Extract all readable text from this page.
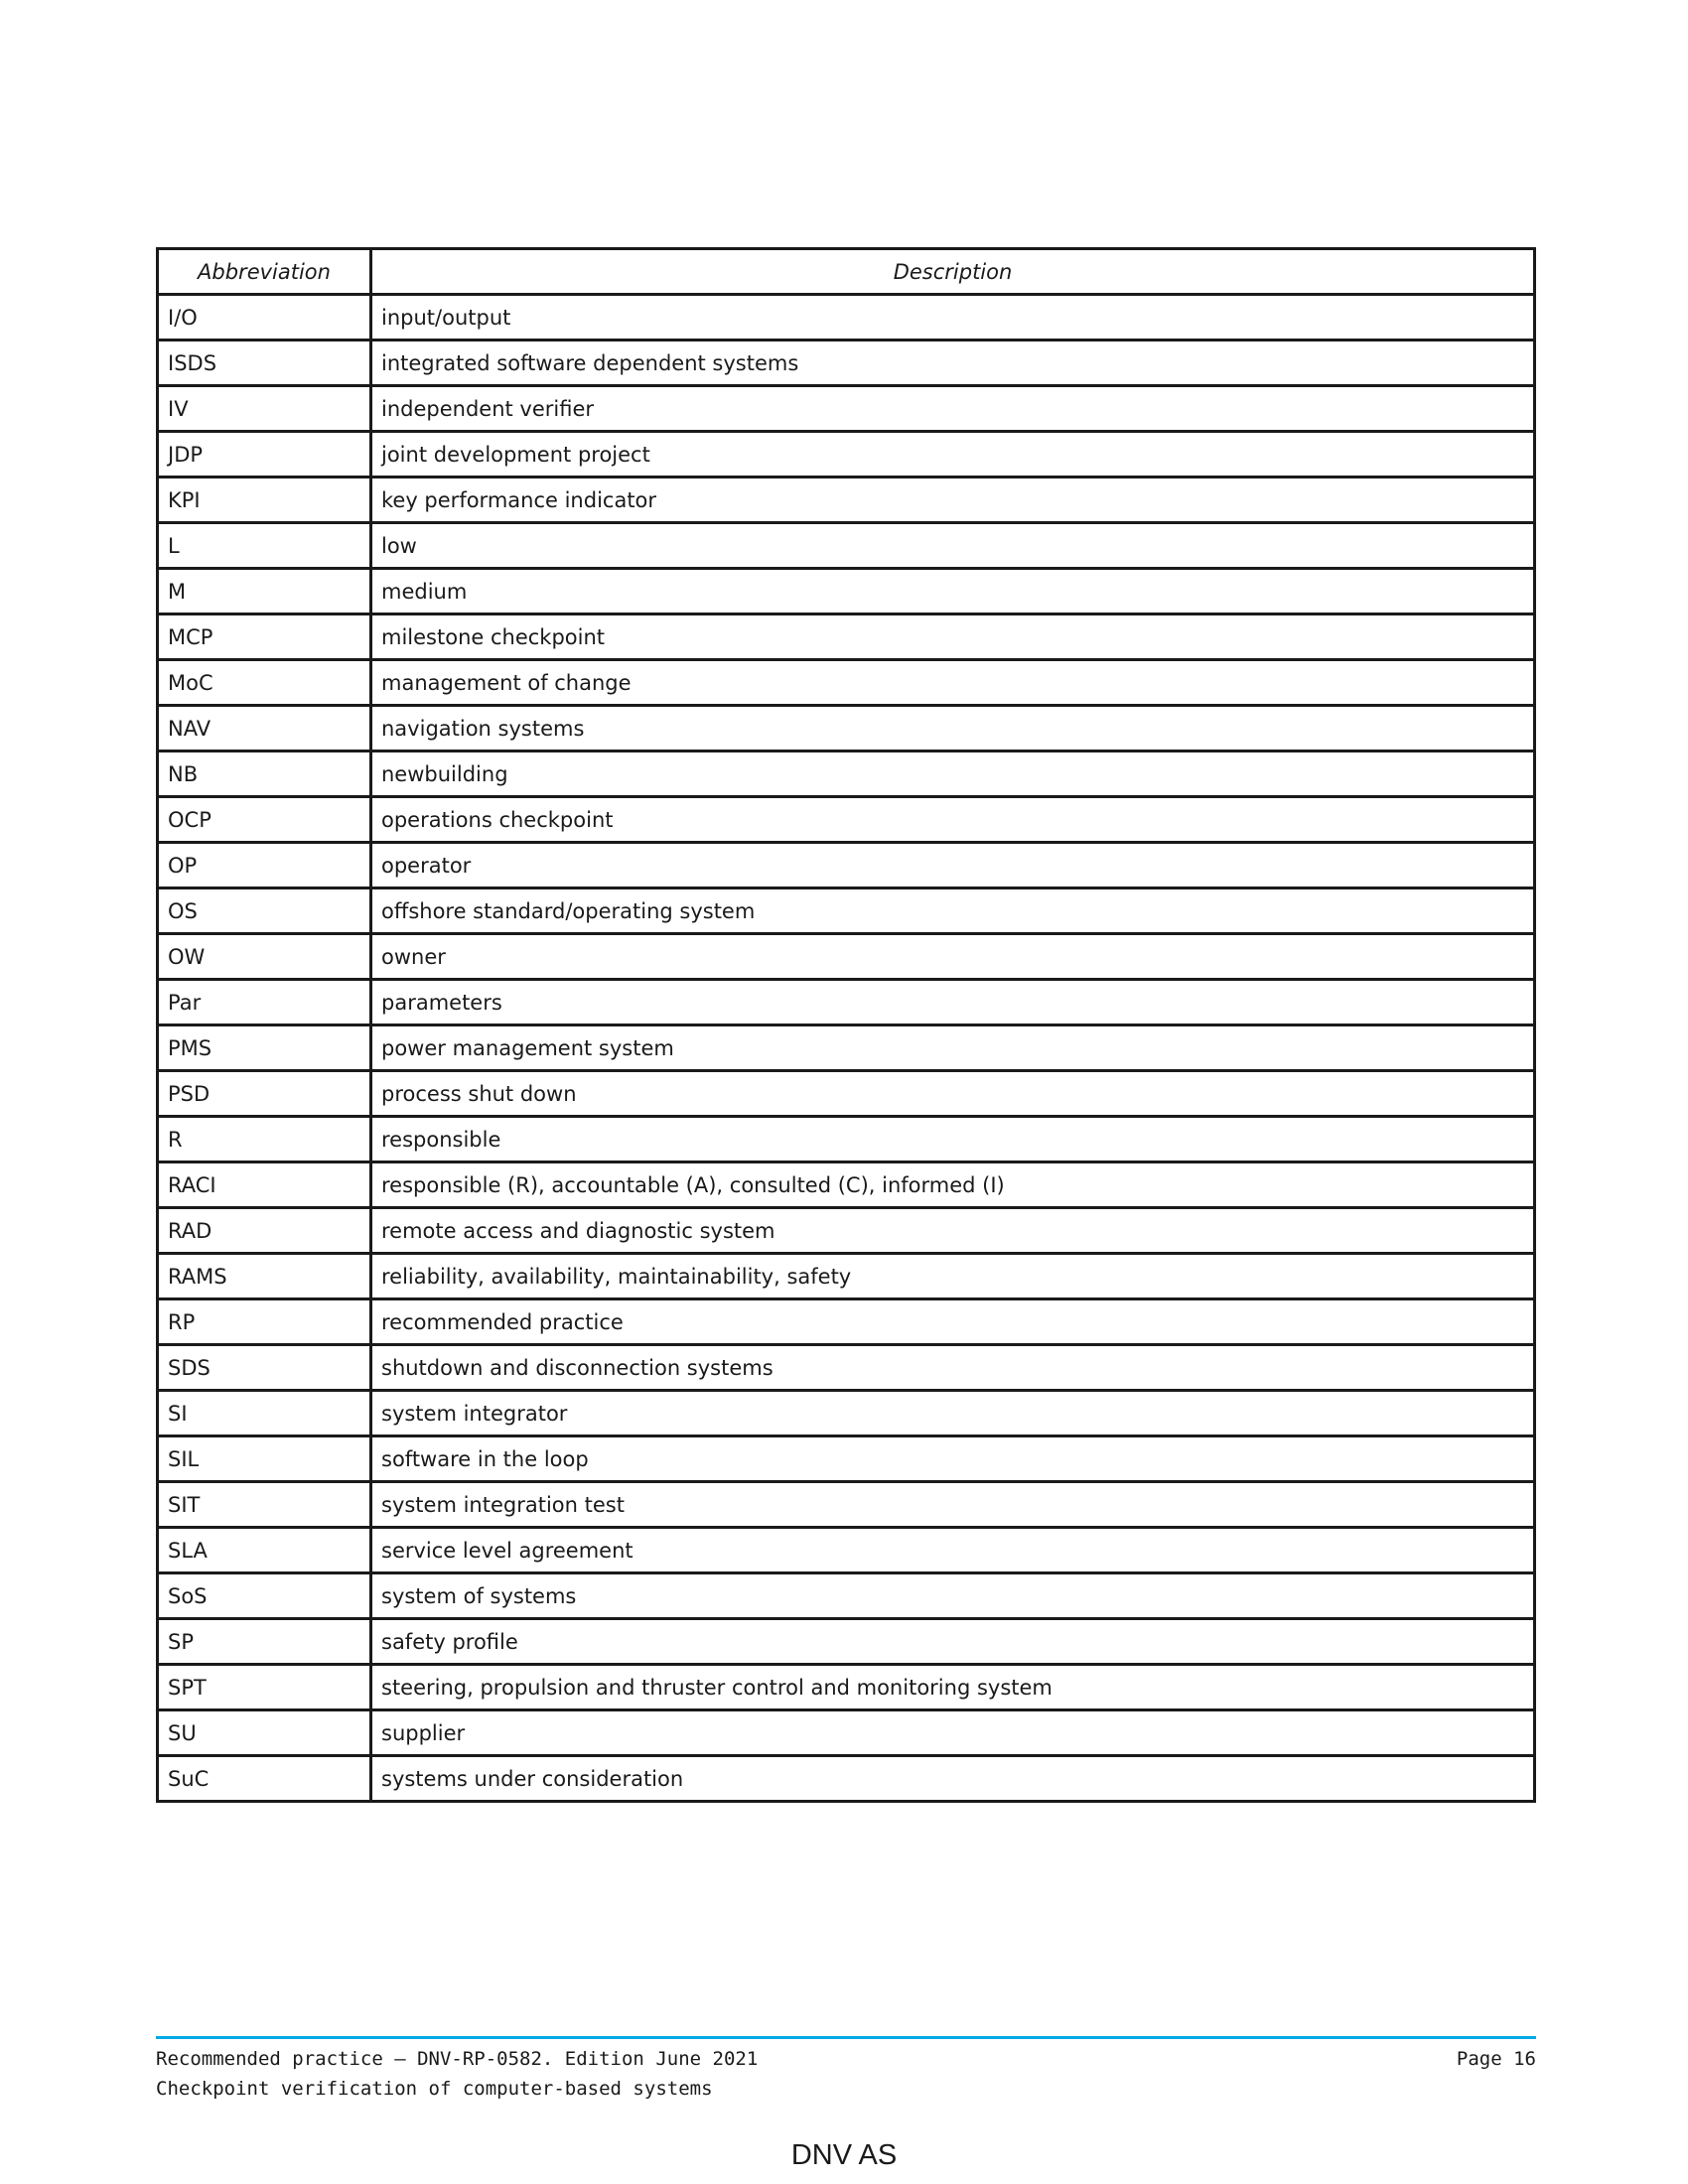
Abbreviation	Description
I/O	input/output
ISDS	integrated software dependent systems
IV	independent verifier
JDP	joint development project
KPI	key performance indicator
L	low
M	medium
MCP	milestone checkpoint
MoC	management of change
NAV	navigation systems
NB	newbuilding
OCP	operations checkpoint
OP	operator
OS	offshore standard/operating system
OW	owner
Par	parameters
PMS	power management system
PSD	process shut down
R	responsible
RACI	responsible (R), accountable (A), consulted (C), informed (I)
RAD	remote access and diagnostic system
RAMS	reliability, availability, maintainability, safety
RP	recommended practice
SDS	shutdown and disconnection systems
SI	system integrator
SIL	software in the loop
SIT	system integration test
SLA	service level agreement
SoS	system of systems
SP	safety profile
SPT	steering, propulsion and thruster control and monitoring system
SU	supplier
SuC	systems under consideration
Recommended practice — DNV-RP-0582. Edition June 2021
Checkpoint verification of computer-based systems
Page 16
DNV AS
